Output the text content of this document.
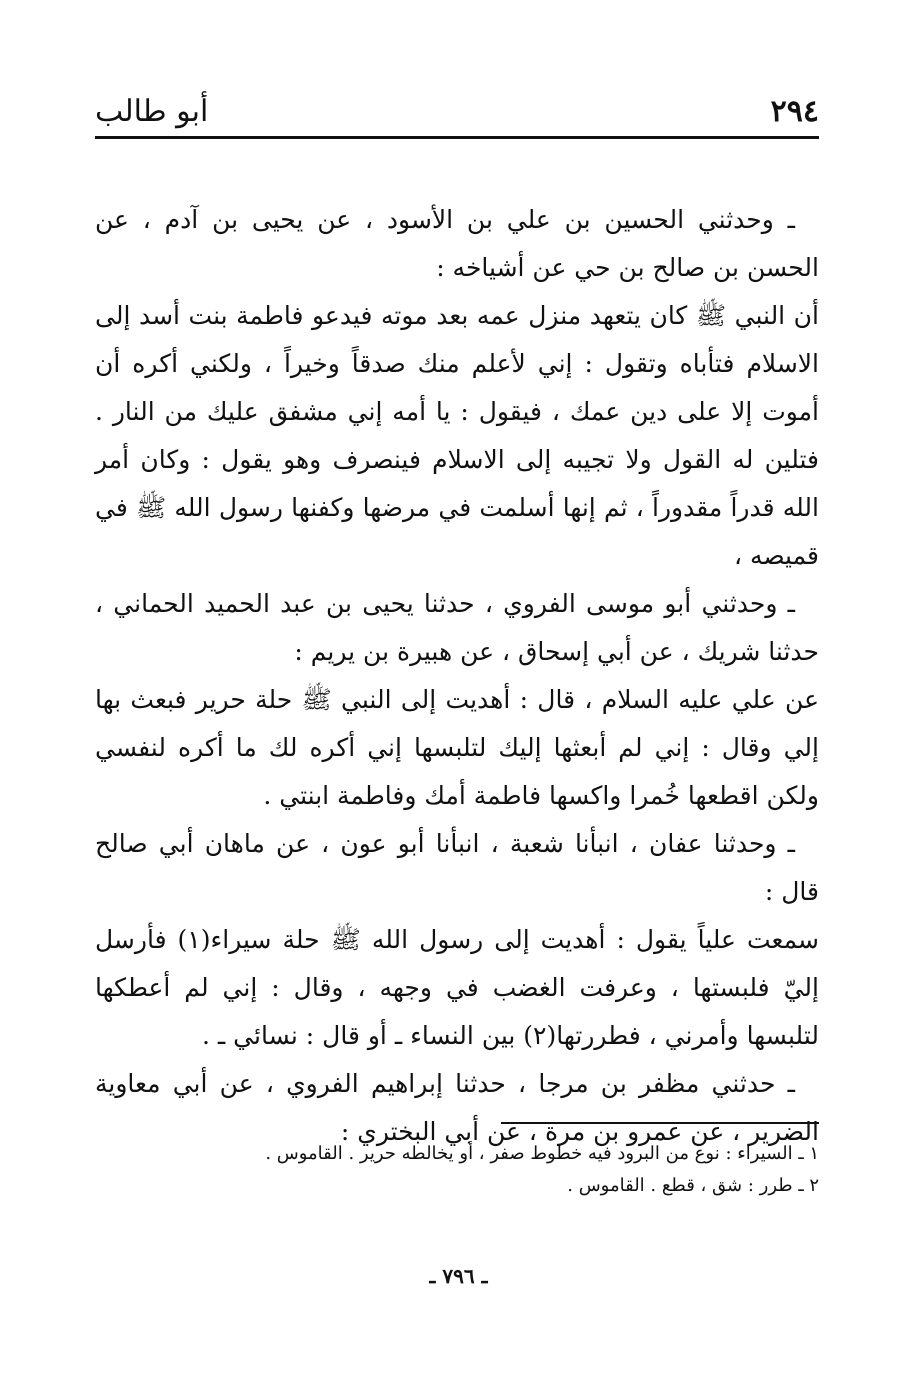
أبو طالب	٢٩٤

ـ وحدثني الحسين بن علي بن الأسود ، عن يحيى بن آدم ، عن الحسن بن صالح بن حي عن أشياخه :

أن النبي ﷺ كان يتعهد منزل عمه بعد موته فيدعو فاطمة بنت أسد إلى الاسلام فتأباه وتقول : إني لأعلم منك صدقاً وخيراً ، ولكني أكره أن أموت إلا على دين عمك ، فيقول : يا أمه إني مشفق عليك من النار . فتلين له القول ولا تجيبه إلى الاسلام فينصرف وهو يقول : وكان أمر الله قدراً مقدوراً ، ثم إنها أسلمت في مرضها وكفنها رسول الله ﷺ في قميصه ،

ـ وحدثني أبو موسى الفروي ، حدثنا يحيى بن عبد الحميد الحماني ، حدثنا شريك ، عن أبي إسحاق ، عن هبيرة بن يريم :

عن علي عليه السلام ، قال : أهديت إلى النبي ﷺ حلة حرير فبعث بها إلي وقال : إني لم أبعثها إليك لتلبسها إني أكره لك ما أكره لنفسي ولكن اقطعها خُمرا واكسها فاطمة أمك وفاطمة ابنتي .

ـ وحدثنا عفان ، انبأنا شعبة ، انبأنا أبو عون ، عن ماهان أبي صالح قال :

سمعت علياً يقول : أهديت إلى رسول الله ﷺ حلة سيراء(١) فأرسل إليّ فلبستها ، وعرفت الغضب في وجهه ، وقال : إني لم أعطكها لتلبسها وأمرني ، فطررتها(٢) بين النساء ـ أو قال : نسائي ـ .

ـ حدثني مظفر بن مرجا ، حدثنا إبراهيم الفروي ، عن أبي معاوية الضرير ، عن عمرو بن مرة ، عن أبي البختري :

١ ـ السيراء : نوع من البرود فيه خطوط صفر ، أو يخالطه حرير . القاموس .

٢ ـ طرر : شق ، قطع . القاموس .

ـ ٧٩٦ ـ
